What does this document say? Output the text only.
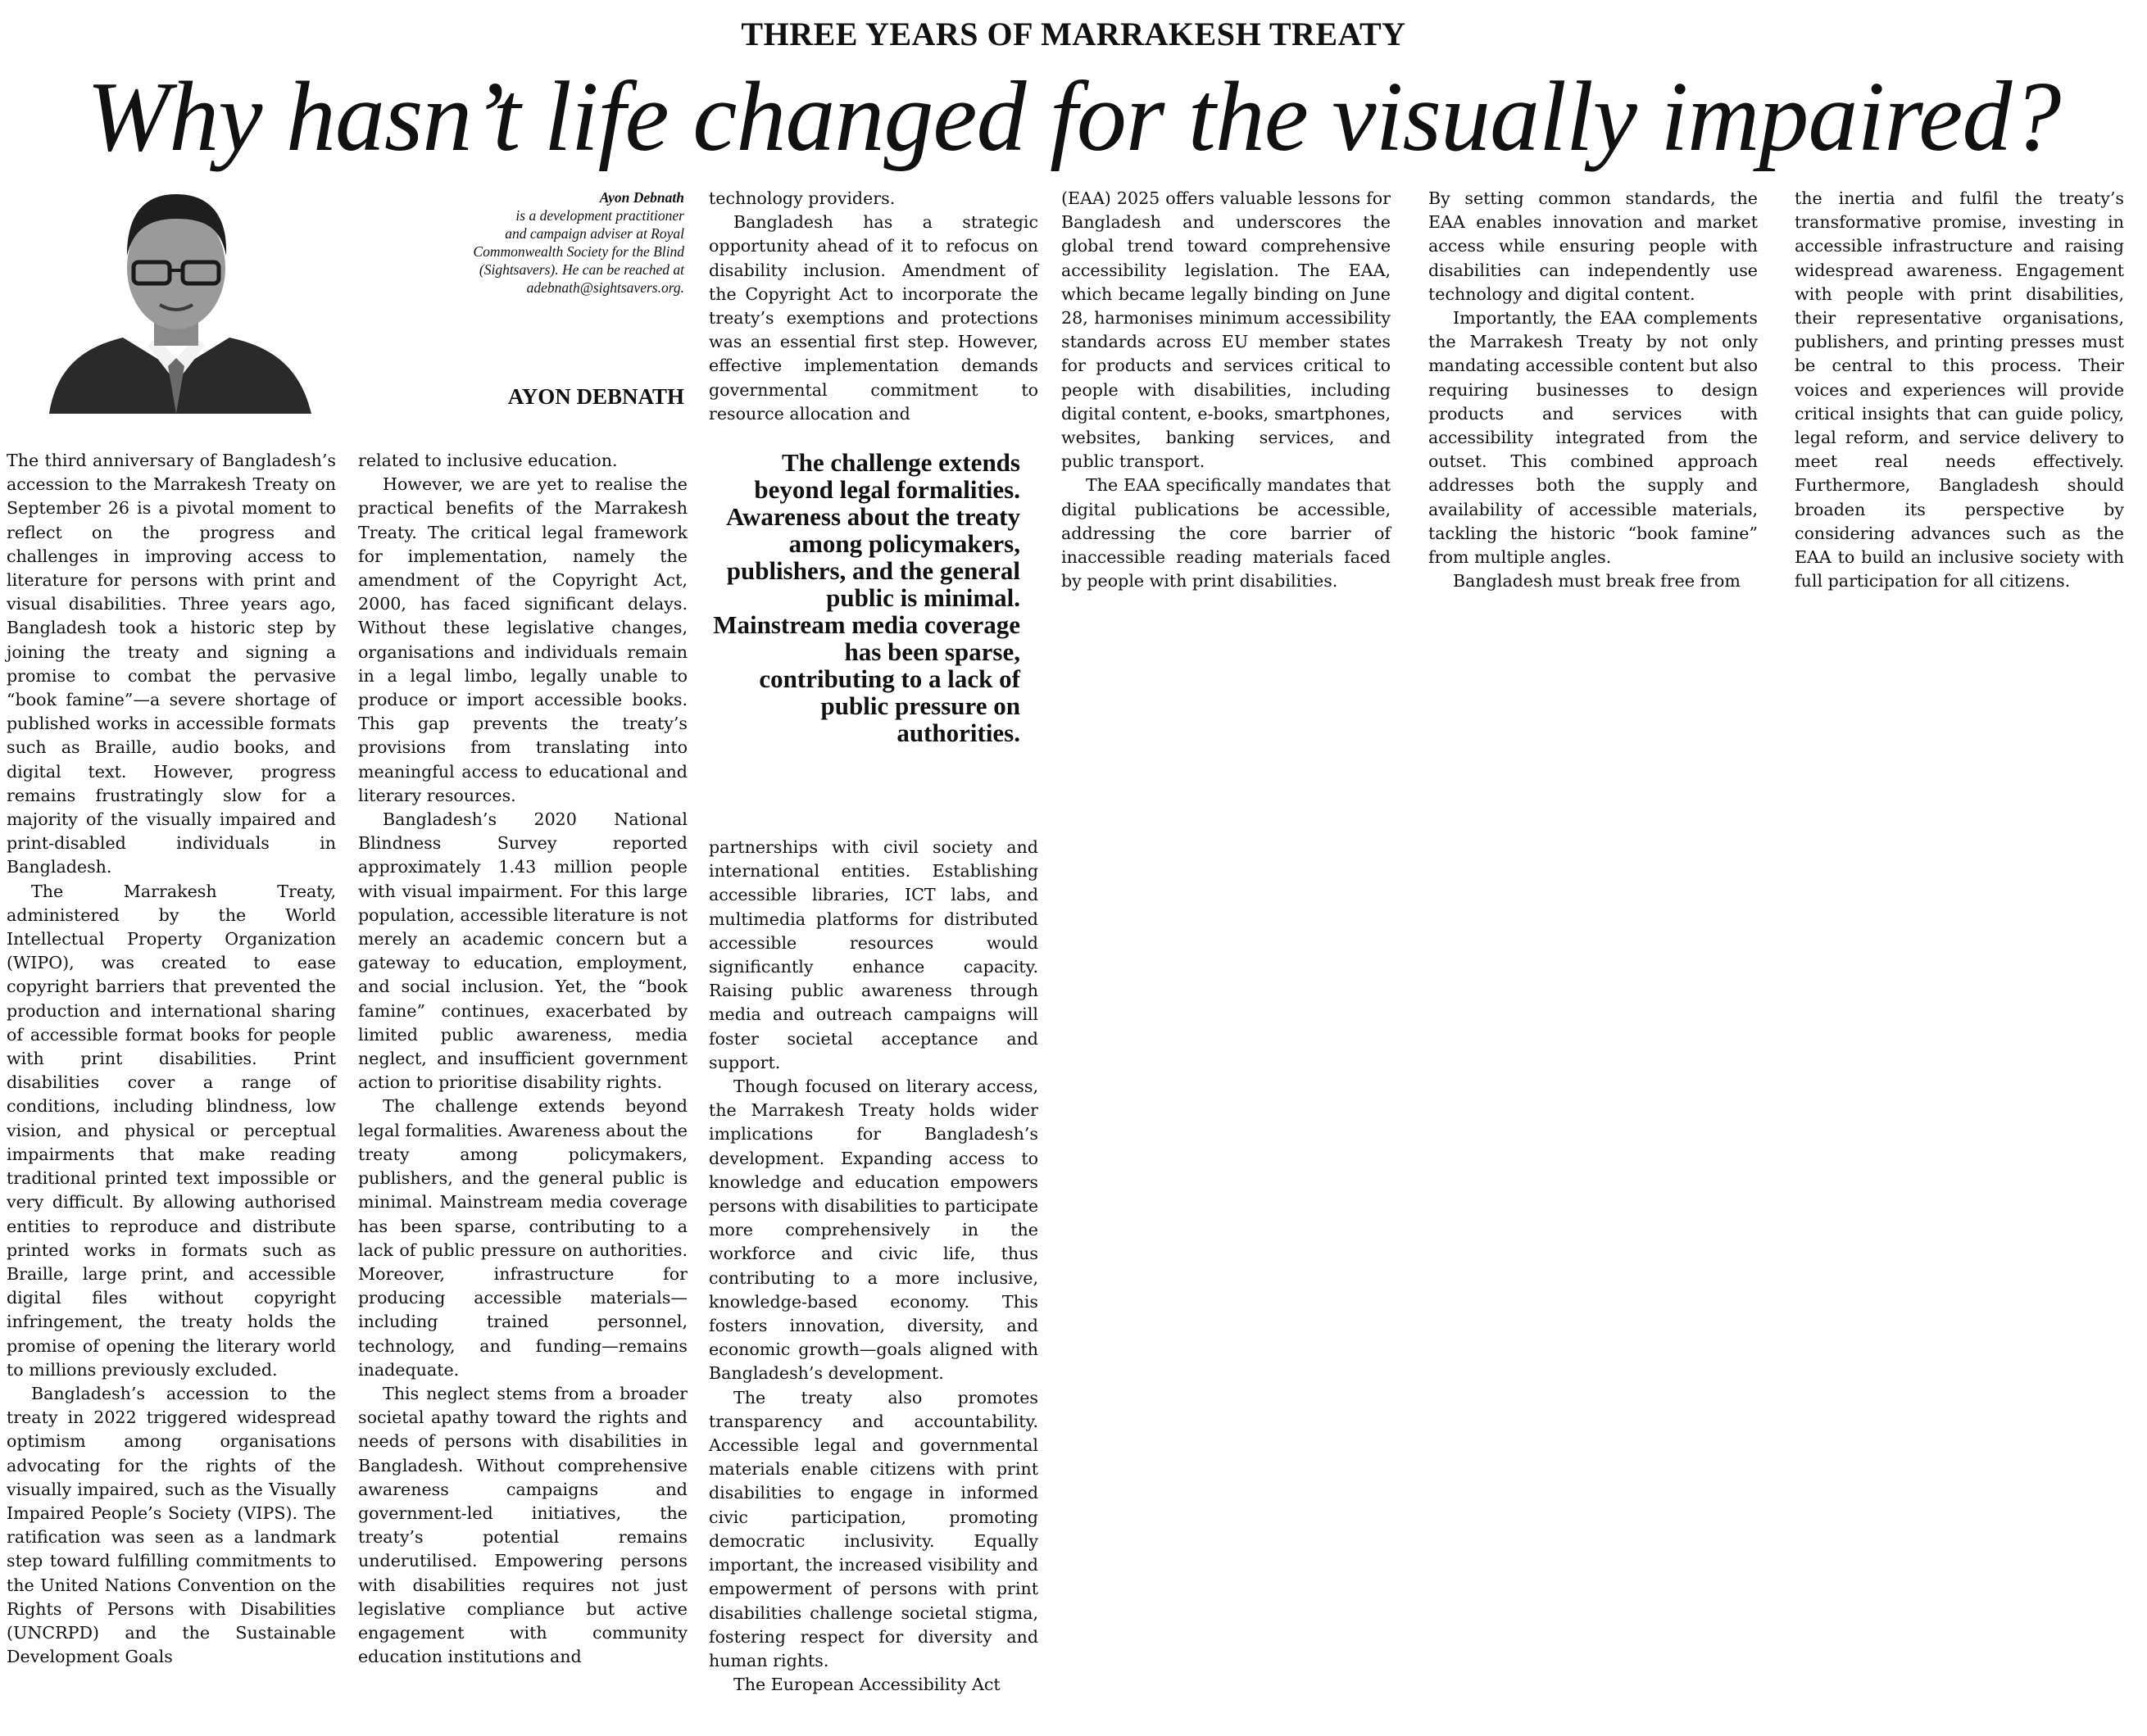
THREE YEARS OF MARRAKESH TREATY
Why hasn’t life changed for the visually impaired?
Ayon Debnath
is a development practitioner
and campaign adviser at Royal
Commonwealth Society for the Blind
(Sightsavers). He can be reached at
adebnath@sightsavers.org.
AYON DEBNATH

The third anniversary of Bangladesh’s accession to the Marrakesh Treaty on September 26 is a pivotal moment to reflect on the progress and challenges in improving access to literature for persons with print and visual disabilities. Three years ago, Bangladesh took a historic step by joining the treaty and signing a promise to combat the pervasive “book famine”—a severe shortage of published works in accessible formats such as Braille, audio books, and digital text. However, progress remains frustratingly slow for a majority of the visually impaired and print-disabled individuals in Bangladesh.

The Marrakesh Treaty, administered by the World Intellectual Property Organization (WIPO), was created to ease copyright barriers that prevented the production and international sharing of accessible format books for people with print disabilities. Print disabilities cover a range of conditions, including blindness, low vision, and physical or perceptual impairments that make reading traditional printed text impossible or very difficult. By allowing authorised entities to reproduce and distribute printed works in formats such as Braille, large print, and accessible digital files without copyright infringement, the treaty holds the promise of opening the literary world to millions previously excluded.

Bangladesh’s accession to the treaty in 2022 triggered widespread optimism among organisations advocating for the rights of the visually impaired, such as the Visually Impaired People’s Society (VIPS). The ratification was seen as a landmark step toward fulfilling commitments to the United Nations Convention on the Rights of Persons with Disabilities (UNCRPD) and the Sustainable Development Goals

related to inclusive education.

However, we are yet to realise the practical benefits of the Marrakesh Treaty. The critical legal framework for implementation, namely the amendment of the Copyright Act, 2000, has faced significant delays. Without these legislative changes, organisations and individuals remain in a legal limbo, legally unable to produce or import accessible books. This gap prevents the treaty’s provisions from translating into meaningful access to educational and literary resources.

Bangladesh’s 2020 National Blindness Survey reported approximately 1.43 million people with visual impairment. For this large population, accessible literature is not merely an academic concern but a gateway to education, employment, and social inclusion. Yet, the “book famine” continues, exacerbated by limited public awareness, media neglect, and insufficient government action to prioritise disability rights.

The challenge extends beyond legal formalities. Awareness about the treaty among policymakers, publishers, and the general public is minimal. Mainstream media coverage has been sparse, contributing to a lack of public pressure on authorities. Moreover, infrastructure for producing accessible materials—including trained personnel, technology, and funding—remains inadequate.

This neglect stems from a broader societal apathy toward the rights and needs of persons with disabilities in Bangladesh. Without comprehensive awareness campaigns and government-led initiatives, the treaty’s potential remains underutilised. Empowering persons with disabilities requires not just legislative compliance but active engagement with community education institutions and

technology providers.

Bangladesh has a strategic opportunity ahead of it to refocus on disability inclusion. Amendment of the Copyright Act to incorporate the treaty’s exemptions and protections was an essential first step. However, effective implementation demands governmental commitment to resource allocation and

The challenge extends beyond legal formalities. Awareness about the treaty among policymakers, publishers, and the general public is minimal. Mainstream media coverage has been sparse, contributing to a lack of public pressure on authorities.

partnerships with civil society and international entities. Establishing accessible libraries, ICT labs, and multimedia platforms for distributed accessible resources would significantly enhance capacity. Raising public awareness through media and outreach campaigns will foster societal acceptance and support.

Though focused on literary access, the Marrakesh Treaty holds wider implications for Bangladesh’s development. Expanding access to knowledge and education empowers persons with disabilities to participate more comprehensively in the workforce and civic life, thus contributing to a more inclusive, knowledge-based economy. This fosters innovation, diversity, and economic growth—goals aligned with Bangladesh’s development.

The treaty also promotes transparency and accountability. Accessible legal and governmental materials enable citizens with print disabilities to engage in informed civic participation, promoting democratic inclusivity. Equally important, the increased visibility and empowerment of persons with print disabilities challenge societal stigma, fostering respect for diversity and human rights.

The European Accessibility Act

(EAA) 2025 offers valuable lessons for Bangladesh and underscores the global trend toward comprehensive accessibility legislation. The EAA, which became legally binding on June 28, harmonises minimum accessibility standards across EU member states for products and services critical to people with disabilities, including digital content, e-books, smartphones, websites, banking services, and public transport.

The EAA specifically mandates that digital publications be accessible, addressing the core barrier of inaccessible reading materials faced by people with print disabilities.

By setting common standards, the EAA enables innovation and market access while ensuring people with disabilities can independently use technology and digital content.

Importantly, the EAA complements the Marrakesh Treaty by not only mandating accessible content but also requiring businesses to design products and services with accessibility integrated from the outset. This combined approach addresses both the supply and availability of accessible materials, tackling the historic “book famine” from multiple angles.

Bangladesh must break free from

the inertia and fulfil the treaty’s transformative promise, investing in accessible infrastructure and raising widespread awareness. Engagement with people with print disabilities, their representative organisations, publishers, and printing presses must be central to this process. Their voices and experiences will provide critical insights that can guide policy, legal reform, and service delivery to meet real needs effectively. Furthermore, Bangladesh should broaden its perspective by considering advances such as the EAA to build an inclusive society with full participation for all citizens.
